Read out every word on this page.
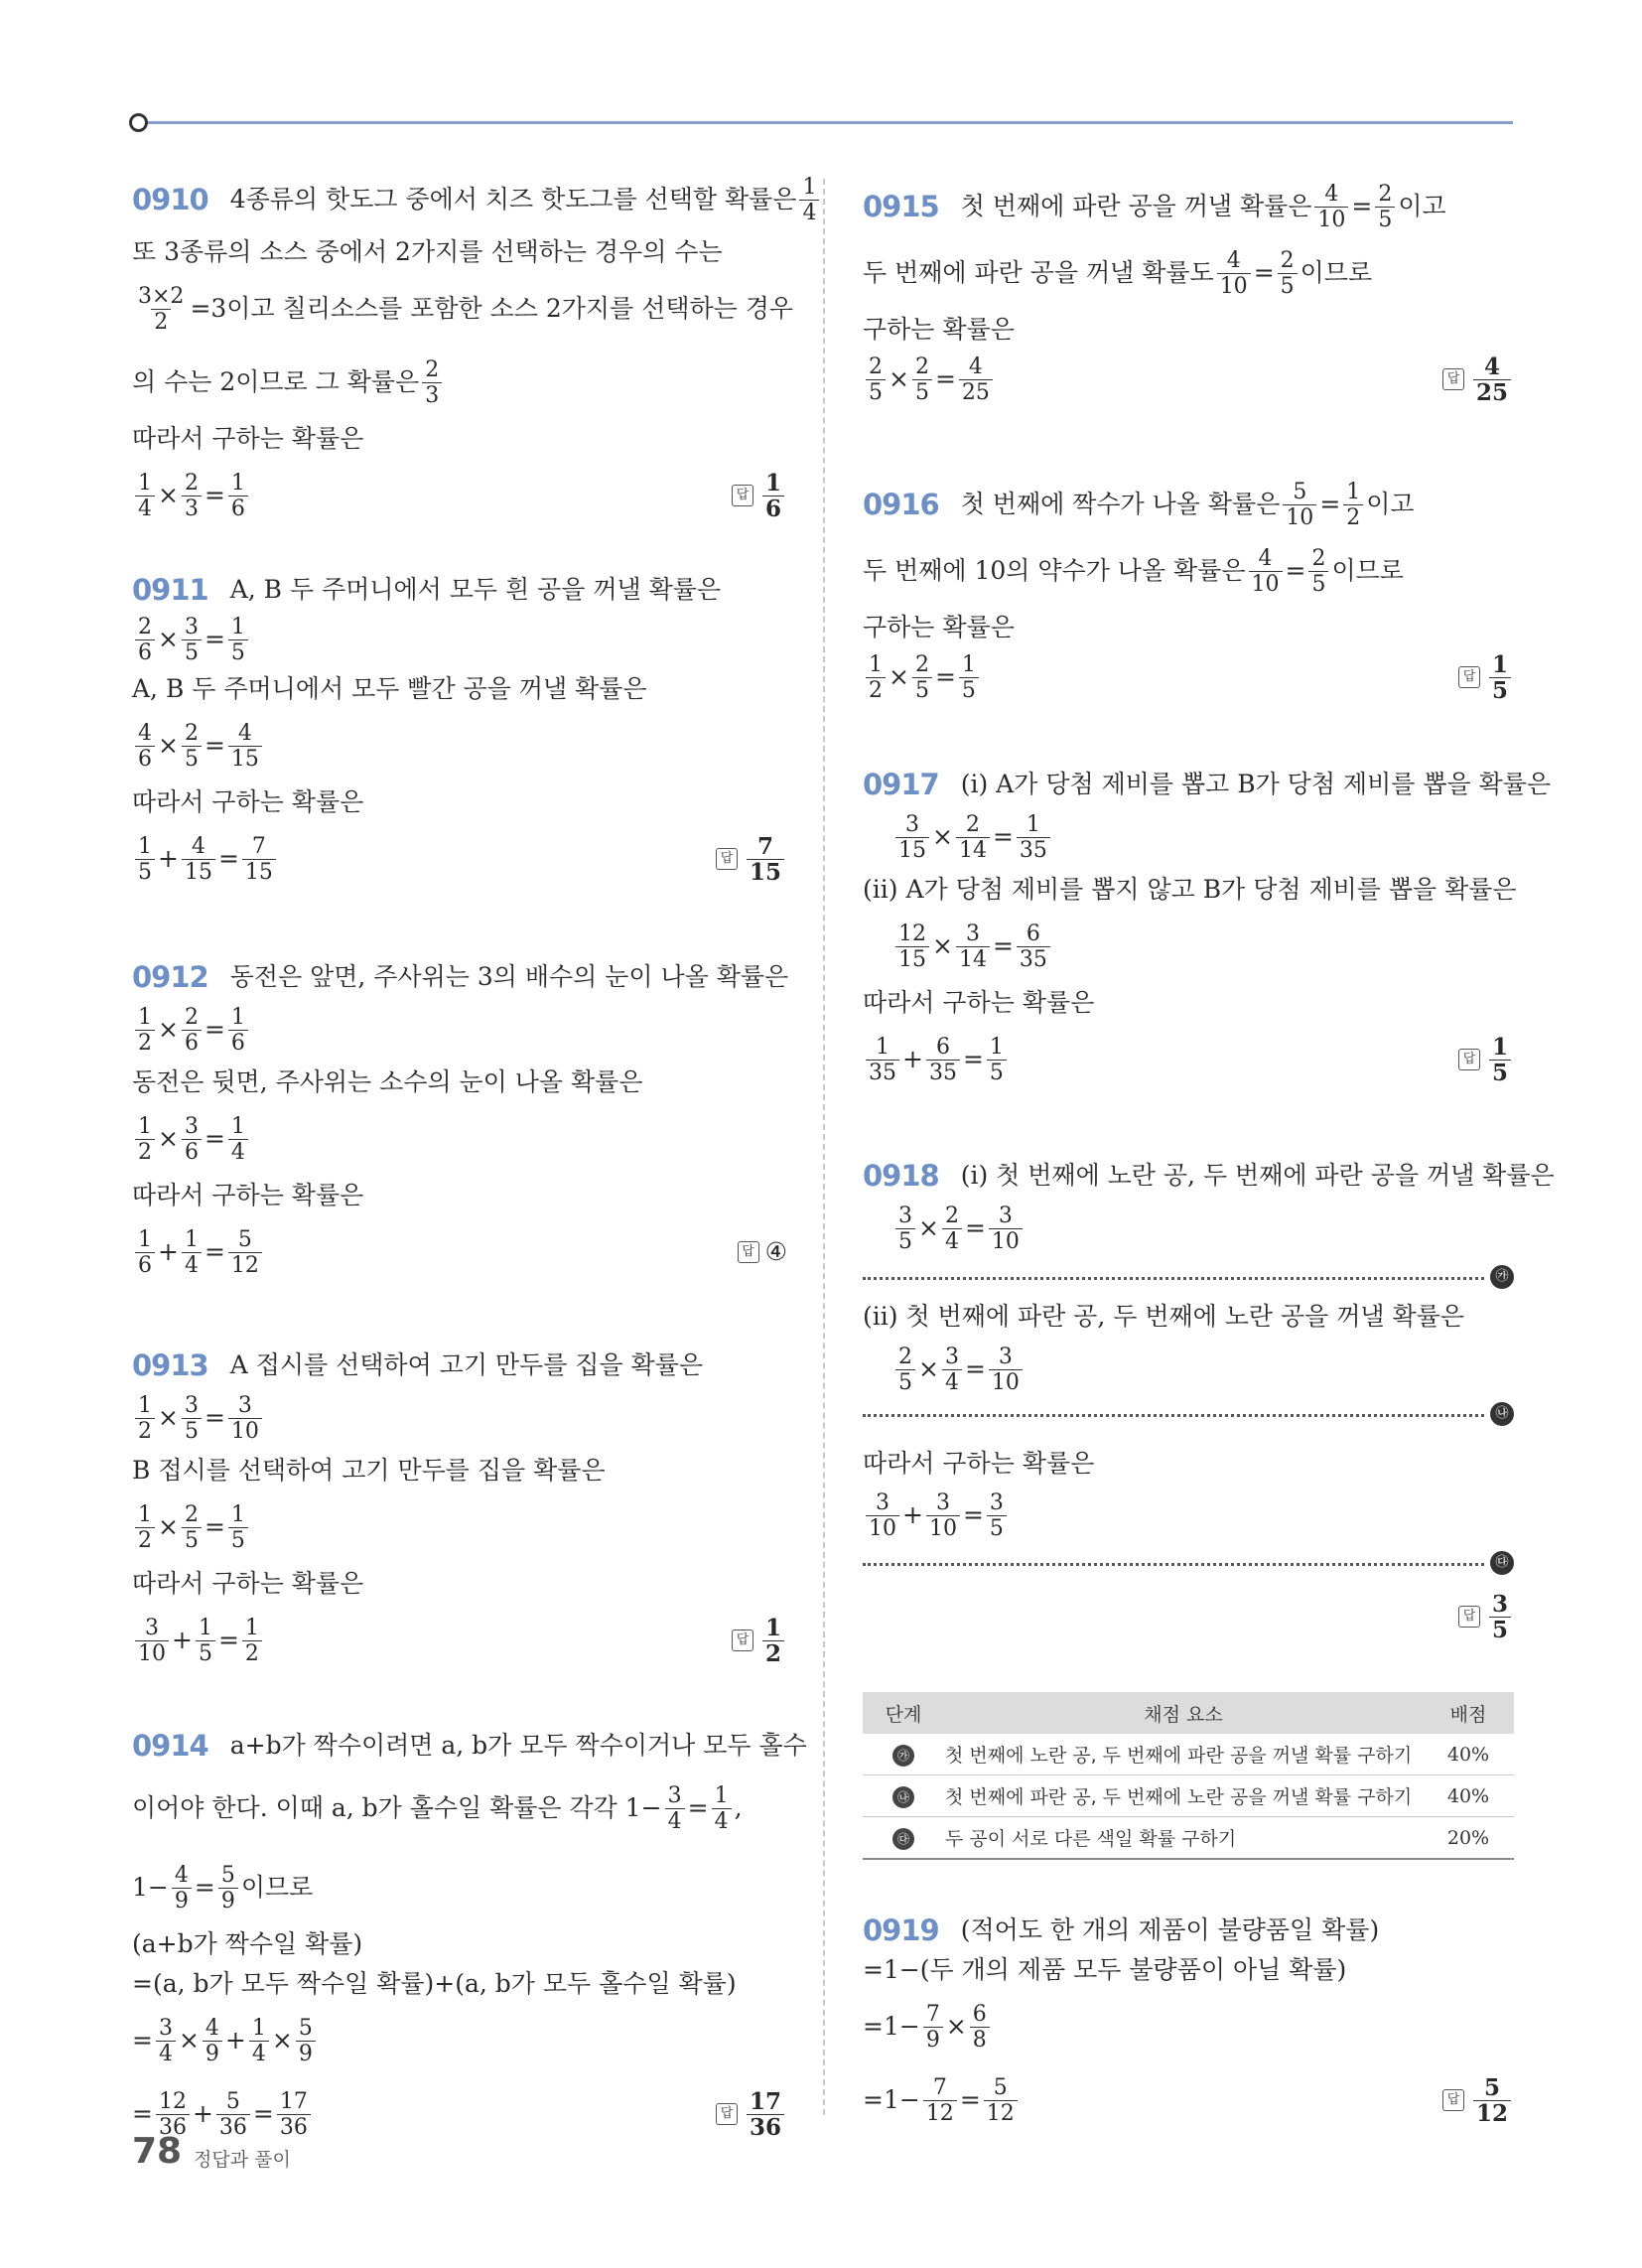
0910 4종류의 핫도그 중에서 치즈 핫도그를 선택할 확률은 $\frac{1}{4}$
또 3종류의 소스 중에서 2가지를 선택하는 경우의 수는
$\frac{3\times 2}{2} =3$이고 칠리소스를 포함한 소스 2가지를 선택하는 경우
의 수는 2이므로 그 확률은 $\frac{2}{3}$
따라서 구하는 확률은
$\frac{1}{4} \times \frac{2}{3} = \frac{1}{6}$	답 $\frac{1}{6}$
0911 A, B 두 주머니에서 모두 흰 공을 꺼낼 확률은
$\frac{2}{6} \times \frac{3}{5} = \frac{1}{5}$
A, B 두 주머니에서 모두 빨간 공을 꺼낼 확률은
$\frac{4}{6} \times \frac{2}{5} = \frac{4}{15}$
따라서 구하는 확률은
$\frac{1}{5} + \frac{4}{15} = \frac{7}{15}$	답 $\frac{7}{15}$
0912 동전은 앞면, 주사위는 3의 배수의 눈이 나올 확률은
$\frac{1}{2} \times \frac{2}{6} = \frac{1}{6}$
동전은 뒷면, 주사위는 소수의 눈이 나올 확률은
$\frac{1}{2} \times \frac{3}{6} = \frac{1}{4}$
따라서 구하는 확률은
$\frac{1}{6} + \frac{1}{4} = \frac{5}{12}$	답 ④
0913 A 접시를 선택하여 고기 만두를 집을 확률은
$\frac{1}{2} \times \frac{3}{5} = \frac{3}{10}$
B 접시를 선택하여 고기 만두를 집을 확률은
$\frac{1}{2} \times \frac{2}{5} = \frac{1}{5}$
따라서 구하는 확률은
$\frac{3}{10} + \frac{1}{5} = \frac{1}{2}$	답 $\frac{1}{2}$
0914 a+b가 짝수이려면 a, b가 모두 짝수이거나 모두 홀수
이어야 한다. 이때 a, b가 홀수일 확률은 각각 $1- \frac{3}{4} = \frac{1}{4}$ ,
$1- \frac{4}{9} = \frac{5}{9}$ 이므로
(a+b가 짝수일 확률)
=(a, b가 모두 짝수일 확률)+(a, b가 모두 홀수일 확률)
= $\frac{3}{4} \times \frac{4}{9} + \frac{1}{4} \times \frac{5}{9}$
= $\frac{12}{36} + \frac{5}{36} = \frac{17}{36}$	답 $\frac{17}{36}$
0915 첫 번째에 파란 공을 꺼낼 확률은 $\frac{4}{10} = \frac{2}{5}$ 이고
두 번째에 파란 공을 꺼낼 확률도 $\frac{4}{10} = \frac{2}{5}$ 이므로
구하는 확률은
$\frac{2}{5} \times \frac{2}{5} = \frac{4}{25}$	답 $\frac{4}{25}$
0916 첫 번째에 짝수가 나올 확률은 $\frac{5}{10} = \frac{1}{2}$ 이고
두 번째에 10의 약수가 나올 확률은 $\frac{4}{10} = \frac{2}{5}$ 이므로
구하는 확률은
$\frac{1}{2} \times \frac{2}{5} = \frac{1}{5}$	답 $\frac{1}{5}$
0917 (ⅰ) A가 당첨 제비를 뽑고 B가 당첨 제비를 뽑을 확률은
$\frac{3}{15} \times \frac{2}{14} = \frac{1}{35}$
(ⅱ) A가 당첨 제비를 뽑지 않고 B가 당첨 제비를 뽑을 확률은
$\frac{12}{15} \times \frac{3}{14} = \frac{6}{35}$
따라서 구하는 확률은
$\frac{1}{35} + \frac{6}{35} = \frac{1}{5}$	답 $\frac{1}{5}$
0918 (ⅰ) 첫 번째에 노란 공, 두 번째에 파란 공을 꺼낼 확률은
$\frac{3}{5} \times \frac{2}{4} = \frac{3}{10}$
㉮
(ⅱ) 첫 번째에 파란 공, 두 번째에 노란 공을 꺼낼 확률은
$\frac{2}{5} \times \frac{3}{4} = \frac{3}{10}$
㉯
따라서 구하는 확률은
$\frac{3}{10} + \frac{3}{10} = \frac{3}{5}$
㉰
답 $\frac{3}{5}$
단계	채점 요소	배점
㉮	첫 번째에 노란 공, 두 번째에 파란 공을 꺼낼 확률 구하기	40%
㉯	첫 번째에 파란 공, 두 번째에 노란 공을 꺼낼 확률 구하기	40%
㉰	두 공이 서로 다른 색일 확률 구하기	20%
0919 (적어도 한 개의 제품이 불량품일 확률)
=1−(두 개의 제품 모두 불량품이 아닐 확률)
$=1- \frac{7}{9} \times \frac{6}{8}$
$=1- \frac{7}{12} = \frac{5}{12}$	답 $\frac{5}{12}$
78 정답과 풀이
